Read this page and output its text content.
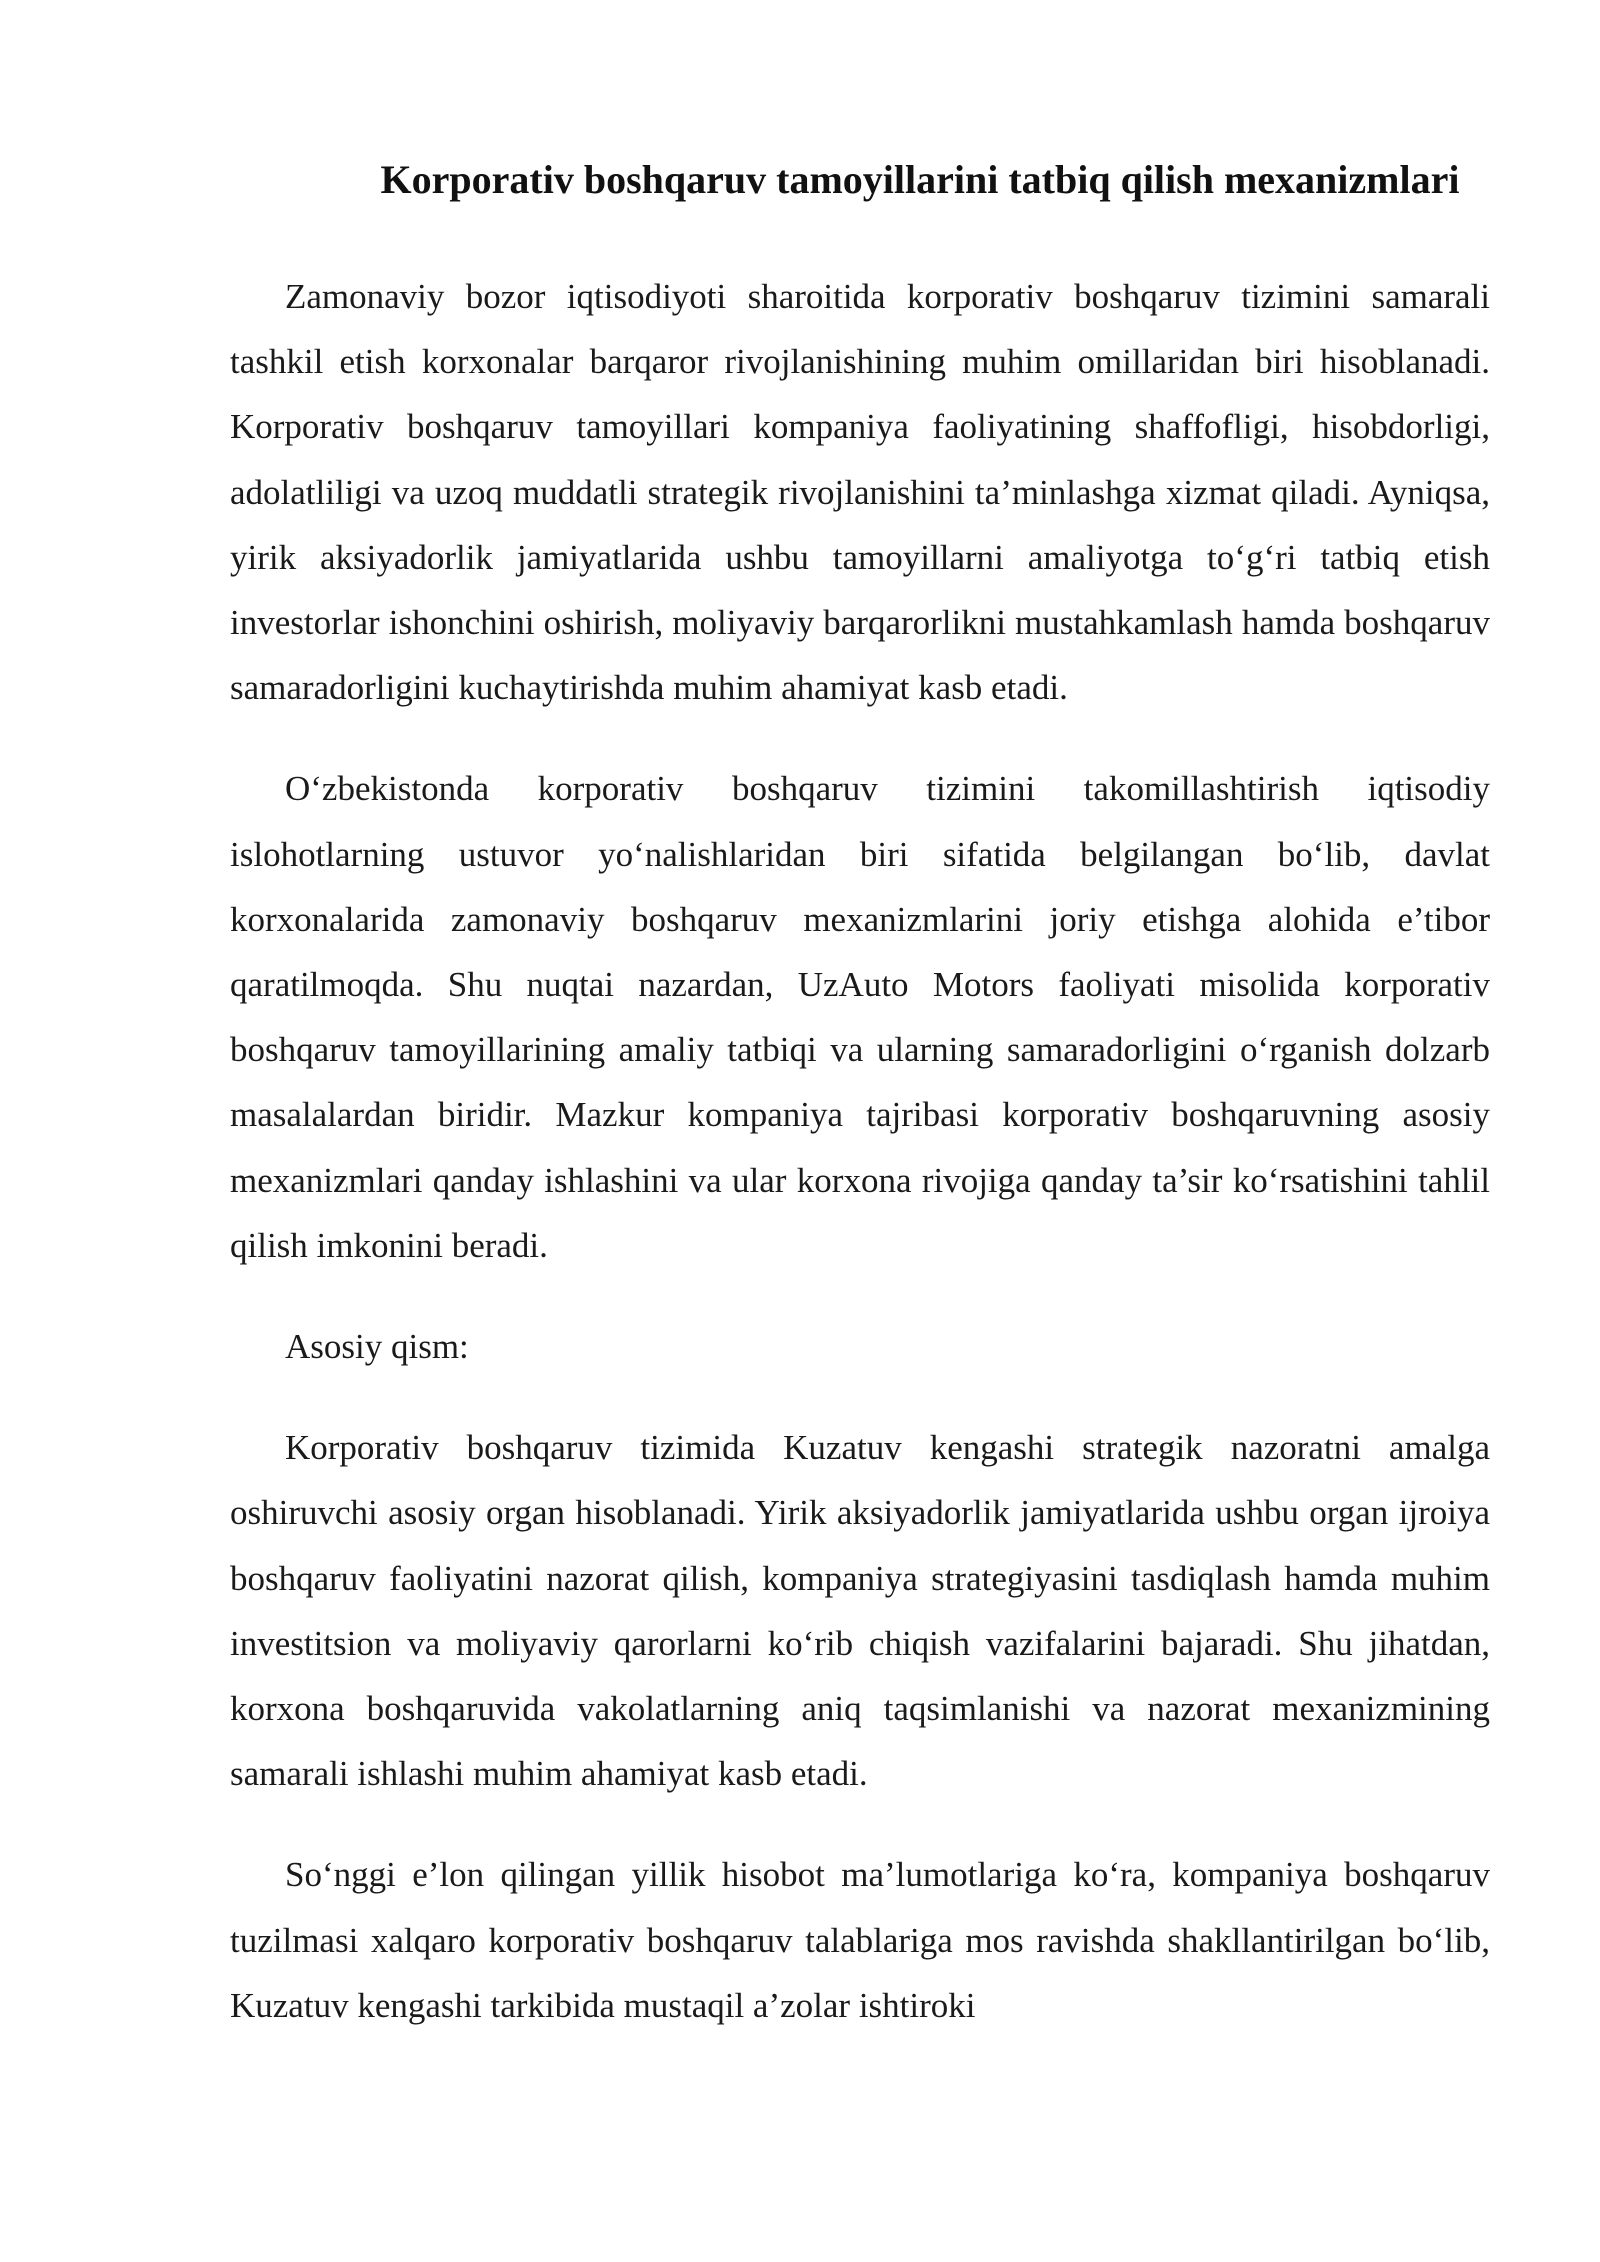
Korporativ boshqaruv tamoyillarini tatbiq qilish mexanizmlari

Zamonaviy bozor iqtisodiyoti sharoitida korporativ boshqaruv tizimini samarali tashkil etish korxonalar barqaror rivojlanishining muhim omillaridan biri hisoblanadi. Korporativ boshqaruv tamoyillari kompaniya faoliyatining shaffofligi, hisobdorligi, adolatliligi va uzoq muddatli strategik rivojlanishini ta’minlashga xizmat qiladi. Ayniqsa, yirik aksiyadorlik jamiyatlarida ushbu tamoyillarni amaliyotga to‘g‘ri tatbiq etish investorlar ishonchini oshirish, moliyaviy barqarorlikni mustahkamlash hamda boshqaruv samaradorligini kuchaytirishda muhim ahamiyat kasb etadi.

O‘zbekistonda korporativ boshqaruv tizimini takomillashtirish iqtisodiy islohotlarning ustuvor yo‘nalishlaridan biri sifatida belgilangan bo‘lib, davlat korxonalarida zamonaviy boshqaruv mexanizmlarini joriy etishga alohida e’tibor qaratilmoqda. Shu nuqtai nazardan, UzAuto Motors faoliyati misolida korporativ boshqaruv tamoyillarining amaliy tatbiqi va ularning samaradorligini o‘rganish dolzarb masalalardan biridir. Mazkur kompaniya tajribasi korporativ boshqaruvning asosiy mexanizmlari qanday ishlashini va ular korxona rivojiga qanday ta’sir ko‘rsatishini tahlil qilish imkonini beradi.

Asosiy qism:

Korporativ boshqaruv tizimida Kuzatuv kengashi strategik nazoratni amalga oshiruvchi asosiy organ hisoblanadi. Yirik aksiyadorlik jamiyatlarida ushbu organ ijroiya boshqaruv faoliyatini nazorat qilish, kompaniya strategiyasini tasdiqlash hamda muhim investitsion va moliyaviy qarorlarni ko‘rib chiqish vazifalarini bajaradi. Shu jihatdan, korxona boshqaruvida vakolatlarning aniq taqsimlanishi va nazorat mexanizmining samarali ishlashi muhim ahamiyat kasb etadi.

So‘nggi e’lon qilingan yillik hisobot ma’lumotlariga ko‘ra, kompaniya boshqaruv tuzilmasi xalqaro korporativ boshqaruv talablariga mos ravishda shakllantirilgan bo‘lib, Kuzatuv kengashi tarkibida mustaqil a’zolar ishtiroki
